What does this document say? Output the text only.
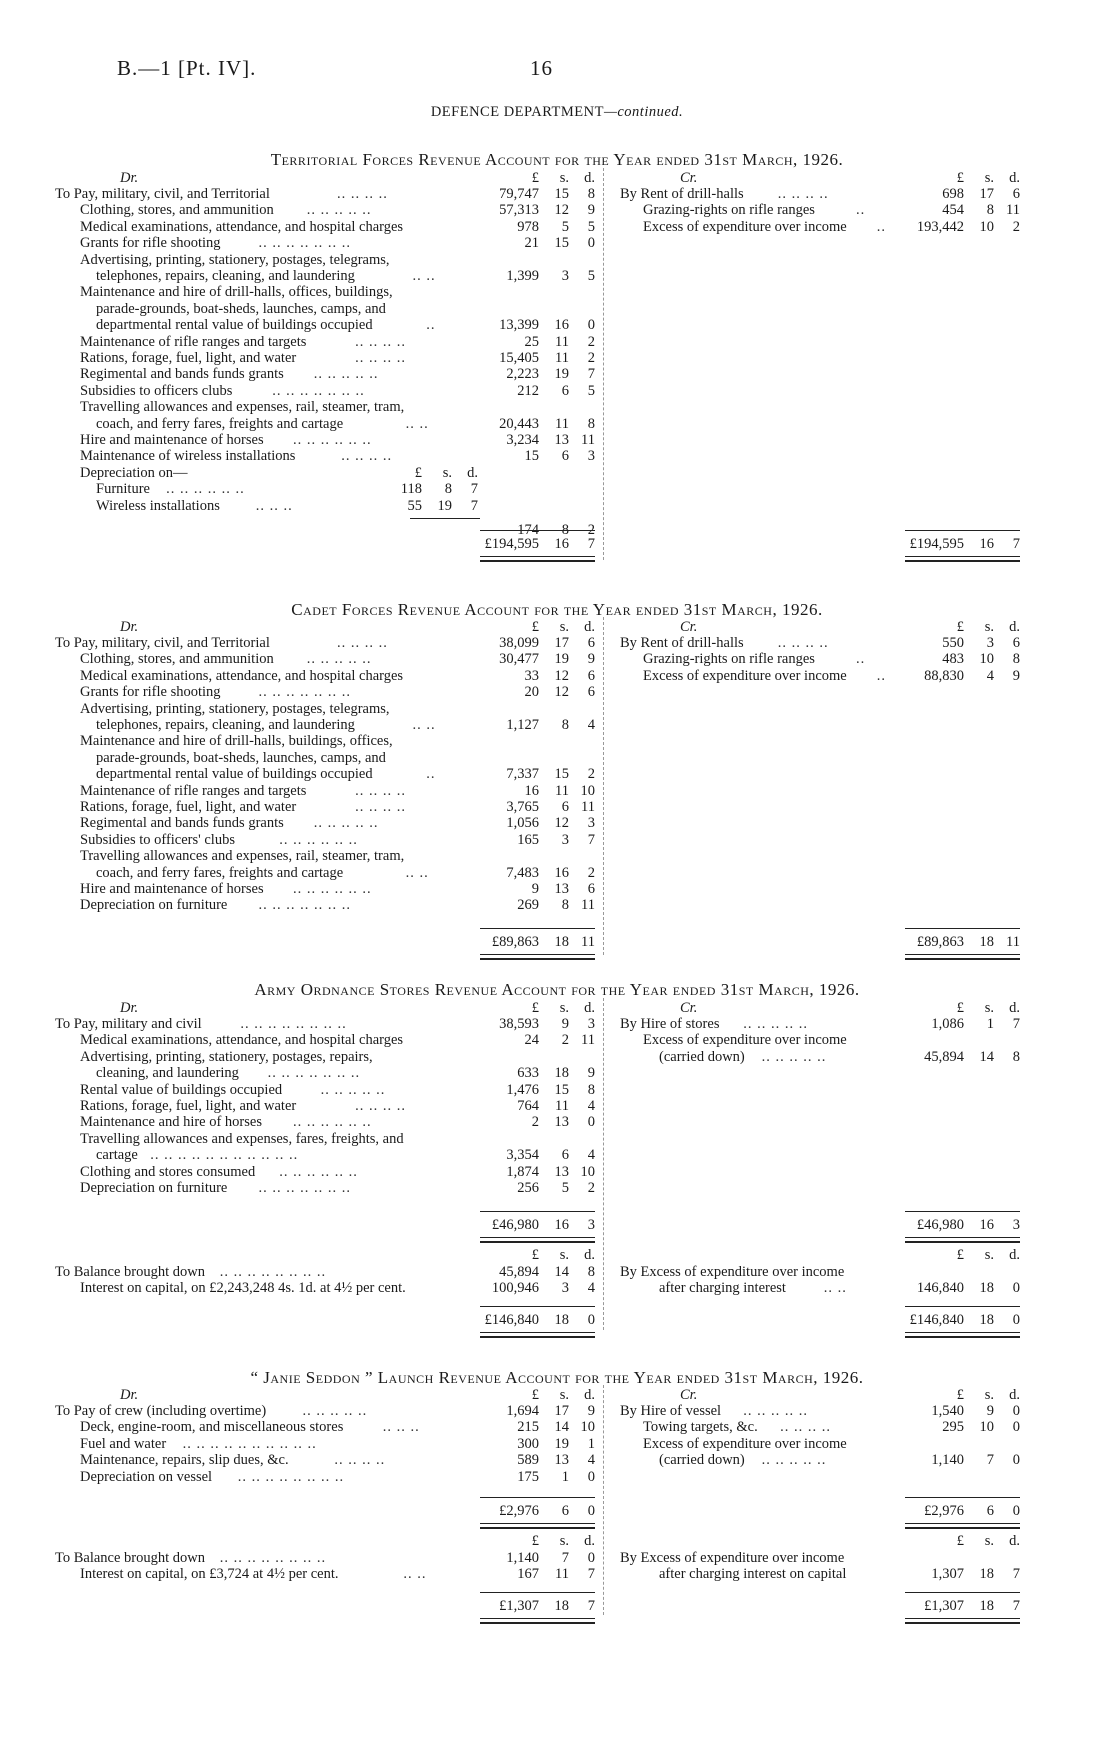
B.—1 [Pt. IV].	16
DEFENCE DEPARTMENT—continued.
Territorial Forces Revenue Account for the Year ended 31st March, 1926.
Dr.	Cr.
£ s. d.	£ s. d.
To Pay, military, civil, and Territorial	.. .. .. ..	79,747 15 8
Clothing, stores, and ammunition .. .. .. .. ..	57,313 12 9
Medical examinations, attendance, and hospital charges	978 5 5
Grants for rifle shooting	.. .. .. .. .. .. ..	21 15 0
Advertising, printing, stationery, postages, telegrams,
telephones, repairs, cleaning, and laundering	.. ..	1,399 3 5
Maintenance and hire of drill-halls, offices, buildings,
parade-grounds, boat-sheds, launches, camps, and
departmental rental value of buildings occupied	..	13,399 16 0
Maintenance of rifle ranges and targets	.. .. .. ..	25 11 2
Rations, forage, fuel, light, and water	.. .. .. ..	15,405 11 2
Regimental and bands funds grants .. .. .. .. ..	2,223 19 7
Subsidies to officers clubs	.. .. .. .. .. .. ..	212 6 5
Travelling allowances and expenses, rail, steamer, tram,
coach, and ferry fares, freights and cartage	.. ..	20,443 11 8
Hire and maintenance of horses .. .. .. .. .. ..	3,234 13 11
Maintenance of wireless installations	.. .. .. ..	15 6 3
Depreciation on—	£ s. d.
Furniture .. .. .. .. .. ..	118 8 7
Wireless installations .. .. ..	55 19 7
174 8 2
By Rent of drill-halls .. .. .. ..	698 17 6
Grazing-rights on rifle ranges	..	454 8 11
Excess of expenditure over income ..	193,442 10 2
£194,595 16 7	£194,595 16 7
Cadet Forces Revenue Account for the Year ended 31st March, 1926.
Dr.	Cr.
£ s. d.	£ s. d.
To Pay, military, civil, and Territorial	.. .. .. ..	38,099 17 6
Clothing, stores, and ammunition .. .. .. .. ..	30,477 19 9
Medical examinations, attendance, and hospital charges	33 12 6
Grants for rifle shooting	.. .. .. .. .. .. ..	20 12 6
Advertising, printing, stationery, postages, telegrams,
telephones, repairs, cleaning, and laundering	.. ..	1,127 8 4
Maintenance and hire of drill-halls, buildings, offices,
parade-grounds, boat-sheds, launches, camps, and
departmental rental value of buildings occupied	..	7,337 15 2
Maintenance of rifle ranges and targets	.. .. .. ..	16 11 10
Rations, forage, fuel, light, and water	.. .. .. ..	3,765 6 11
Regimental and bands funds grants .. .. .. .. ..	1,056 12 3
Subsidies to officers' clubs	.. .. .. .. .. ..	165 3 7
Travelling allowances and expenses, rail, steamer, tram,
coach, and ferry fares, freights and cartage	.. ..	7,483 16 2
Hire and maintenance of horses .. .. .. .. .. ..	9 13 6
Depreciation on furniture .. .. .. .. .. .. ..	269 8 11
By Rent of drill-halls .. .. .. ..	550 3 6
Grazing-rights on rifle ranges	..	483 10 8
Excess of expenditure over income ..	88,830 4 9
£89,863 18 11	£89,863 18 11
Army Ordnance Stores Revenue Account for the Year ended 31st March, 1926.
Dr.	Cr.
£ s. d.	£ s. d.
To Pay, military and civil	.. .. .. .. .. .. .. ..	38,593 9 3
Medical examinations, attendance, and hospital charges	24 2 11
Advertising, printing, stationery, postages, repairs,
cleaning, and laundering .. .. .. .. .. .. ..	633 18 9
Rental value of buildings occupied	.. .. .. .. ..	1,476 15 8
Rations, forage, fuel, light, and water	.. .. .. ..	764 11 4
Maintenance and hire of horses .. .. .. .. .. ..	2 13 0
Travelling allowances and expenses, fares, freights, and
cartage .. .. .. .. .. .. .. .. .. .. ..	3,354 6 4
Clothing and stores consumed .. .. .. .. .. ..	1,874 13 10
Depreciation on furniture .. .. .. .. .. .. ..	256 5 2
By Hire of stores .. .. .. .. ..	1,086 1 7
Excess of expenditure over income
(carried down) .. .. .. .. ..	45,894 14 8
£46,980 16 3	£46,980 16 3
£ s. d.	£ s. d.
To Balance brought down .. .. .. .. .. .. .. ..	45,894 14 8
Interest on capital, on £2,243,248 4s. 1d. at 4½ per cent.	100,946 3 4
By Excess of expenditure over income
after charging interest	.. ..	146,840 18 0
£146,840 18 0	£146,840 18 0
“ Janie Seddon ” Launch Revenue Account for the Year ended 31st March, 1926.
Dr.	Cr.
£ s. d.	£ s. d.
To Pay of crew (including overtime)	.. .. .. .. ..	1,694 17 9
Deck, engine-room, and miscellaneous stores	.. .. ..	215 14 10
Fuel and water .. .. .. .. .. .. .. .. .. ..	300 19 1
Maintenance, repairs, slip dues, &c.	.. .. .. ..	589 13 4
Depreciation on vessel .. .. .. .. .. .. .. ..	175 1 0
By Hire of vessel .. .. .. .. ..	1,540 9 0
Towing targets, &c. .. .. .. ..	295 10 0
Excess of expenditure over income
(carried down) .. .. .. .. ..	1,140 7 0
£2,976 6 0	£2,976 6 0
£ s. d.	£ s. d.
To Balance brought down .. .. .. .. .. .. .. ..	1,140 7 0
Interest on capital, on £3,724 at 4½ per cent.	.. ..	167 11 7
By Excess of expenditure over income
after charging interest on capital	1,307 18 7
£1,307 18 7	£1,307 18 7
